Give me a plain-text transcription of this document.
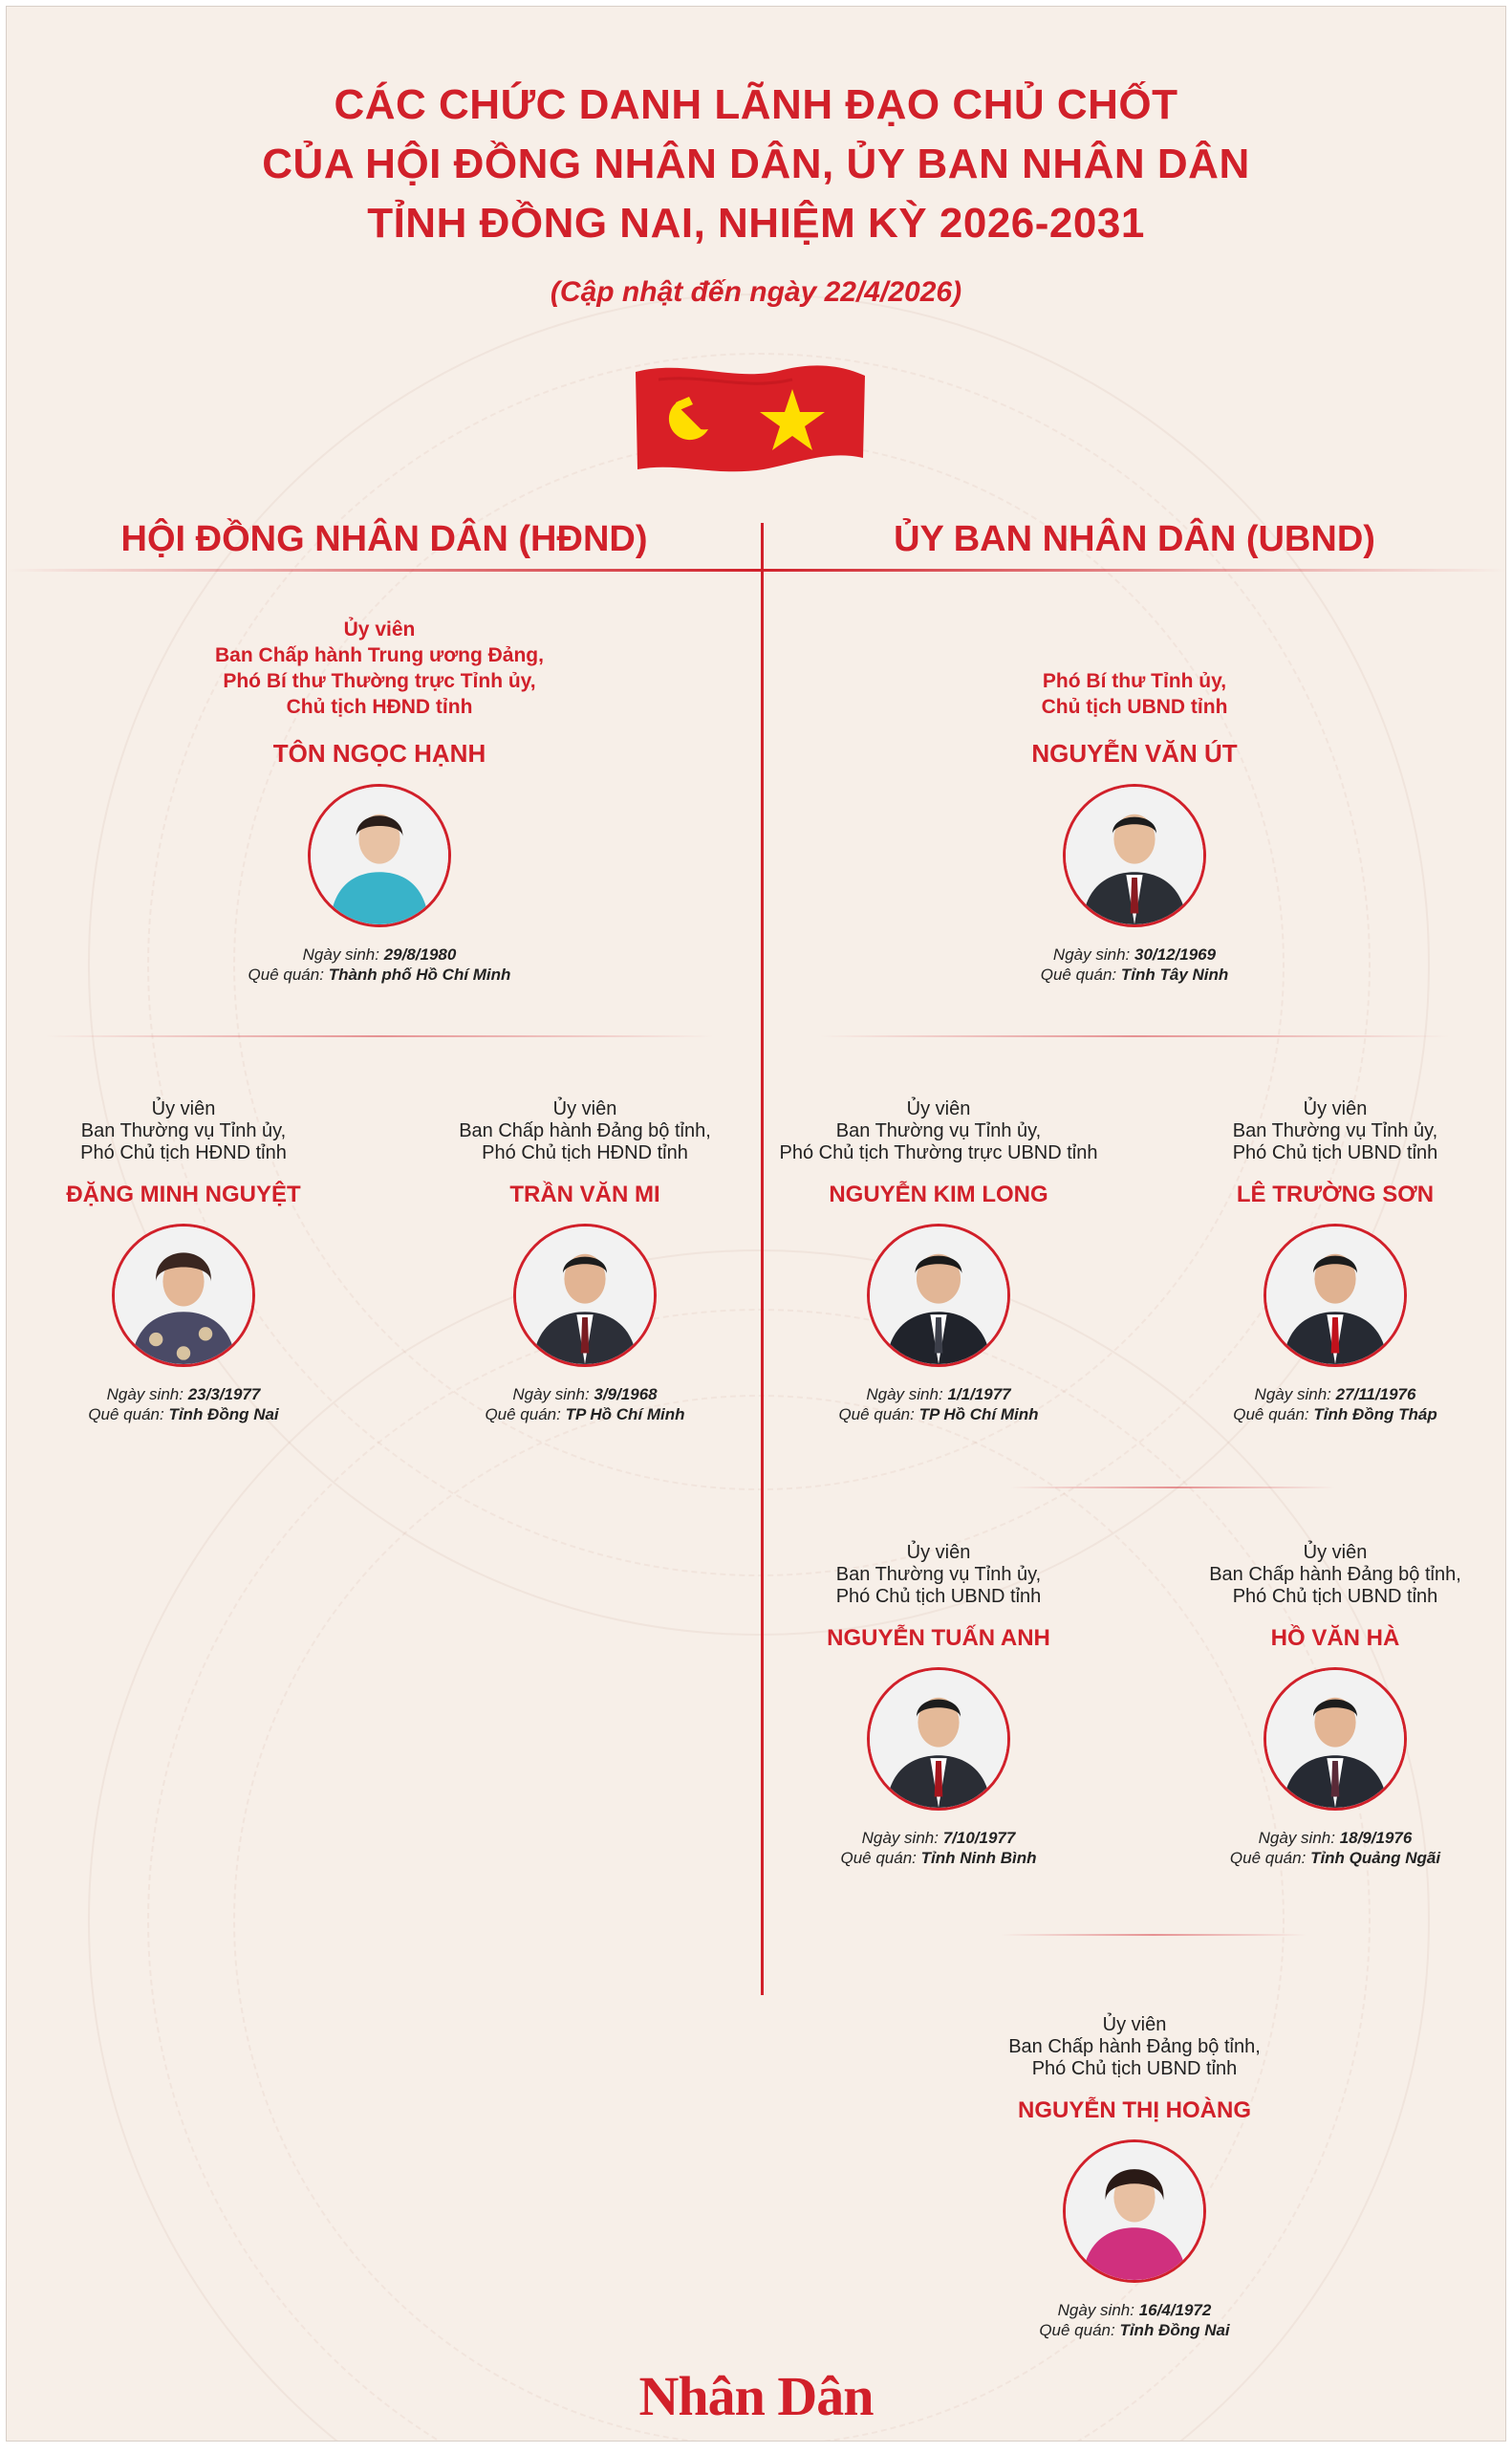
CÁC CHỨC DANH LÃNH ĐẠO CHỦ CHỐT
CỦA HỘI ĐỒNG NHÂN DÂN, ỦY BAN NHÂN DÂN
TỈNH ĐỒNG NAI, NHIỆM KỲ 2026-2031
(Cập nhật đến ngày 22/4/2026)
HỘI ĐỒNG NHÂN DÂN (HĐND)	ỦY BAN NHÂN DÂN (UBND)
Ủy viên
Ban Chấp hành Trung ương Đảng,
Phó Bí thư Thường trực Tỉnh ủy,
Chủ tịch HĐND tỉnh
TÔN NGỌC HẠNH
Ngày sinh: 29/8/1980
Quê quán: Thành phố Hồ Chí Minh
Phó Bí thư Tỉnh ủy,
Chủ tịch UBND tỉnh
NGUYỄN VĂN ÚT
Ngày sinh: 30/12/1969
Quê quán: Tỉnh Tây Ninh
Ủy viên
Ban Thường vụ Tỉnh ủy,
Phó Chủ tịch HĐND tỉnh
ĐẶNG MINH NGUYỆT
Ngày sinh: 23/3/1977
Quê quán: Tỉnh Đồng Nai
Ủy viên
Ban Chấp hành Đảng bộ tỉnh,
Phó Chủ tịch HĐND tỉnh
TRẦN VĂN MI
Ngày sinh: 3/9/1968
Quê quán: TP Hồ Chí Minh
Ủy viên
Ban Thường vụ Tỉnh ủy,
Phó Chủ tịch Thường trực UBND tỉnh
NGUYỄN KIM LONG
Ngày sinh: 1/1/1977
Quê quán: TP Hồ Chí Minh
Ủy viên
Ban Thường vụ Tỉnh ủy,
Phó Chủ tịch UBND tỉnh
LÊ TRƯỜNG SƠN
Ngày sinh: 27/11/1976
Quê quán: Tỉnh Đồng Tháp
Ủy viên
Ban Thường vụ Tỉnh ủy,
Phó Chủ tịch UBND tỉnh
NGUYỄN TUẤN ANH
Ngày sinh: 7/10/1977
Quê quán: Tỉnh Ninh Bình
Ủy viên
Ban Chấp hành Đảng bộ tỉnh,
Phó Chủ tịch UBND tỉnh
HỒ VĂN HÀ
Ngày sinh: 18/9/1976
Quê quán: Tỉnh Quảng Ngãi
Ủy viên
Ban Chấp hành Đảng bộ tỉnh,
Phó Chủ tịch UBND tỉnh
NGUYỄN THỊ HOÀNG
Ngày sinh: 16/4/1972
Quê quán: Tỉnh Đồng Nai
Nhân Dân
